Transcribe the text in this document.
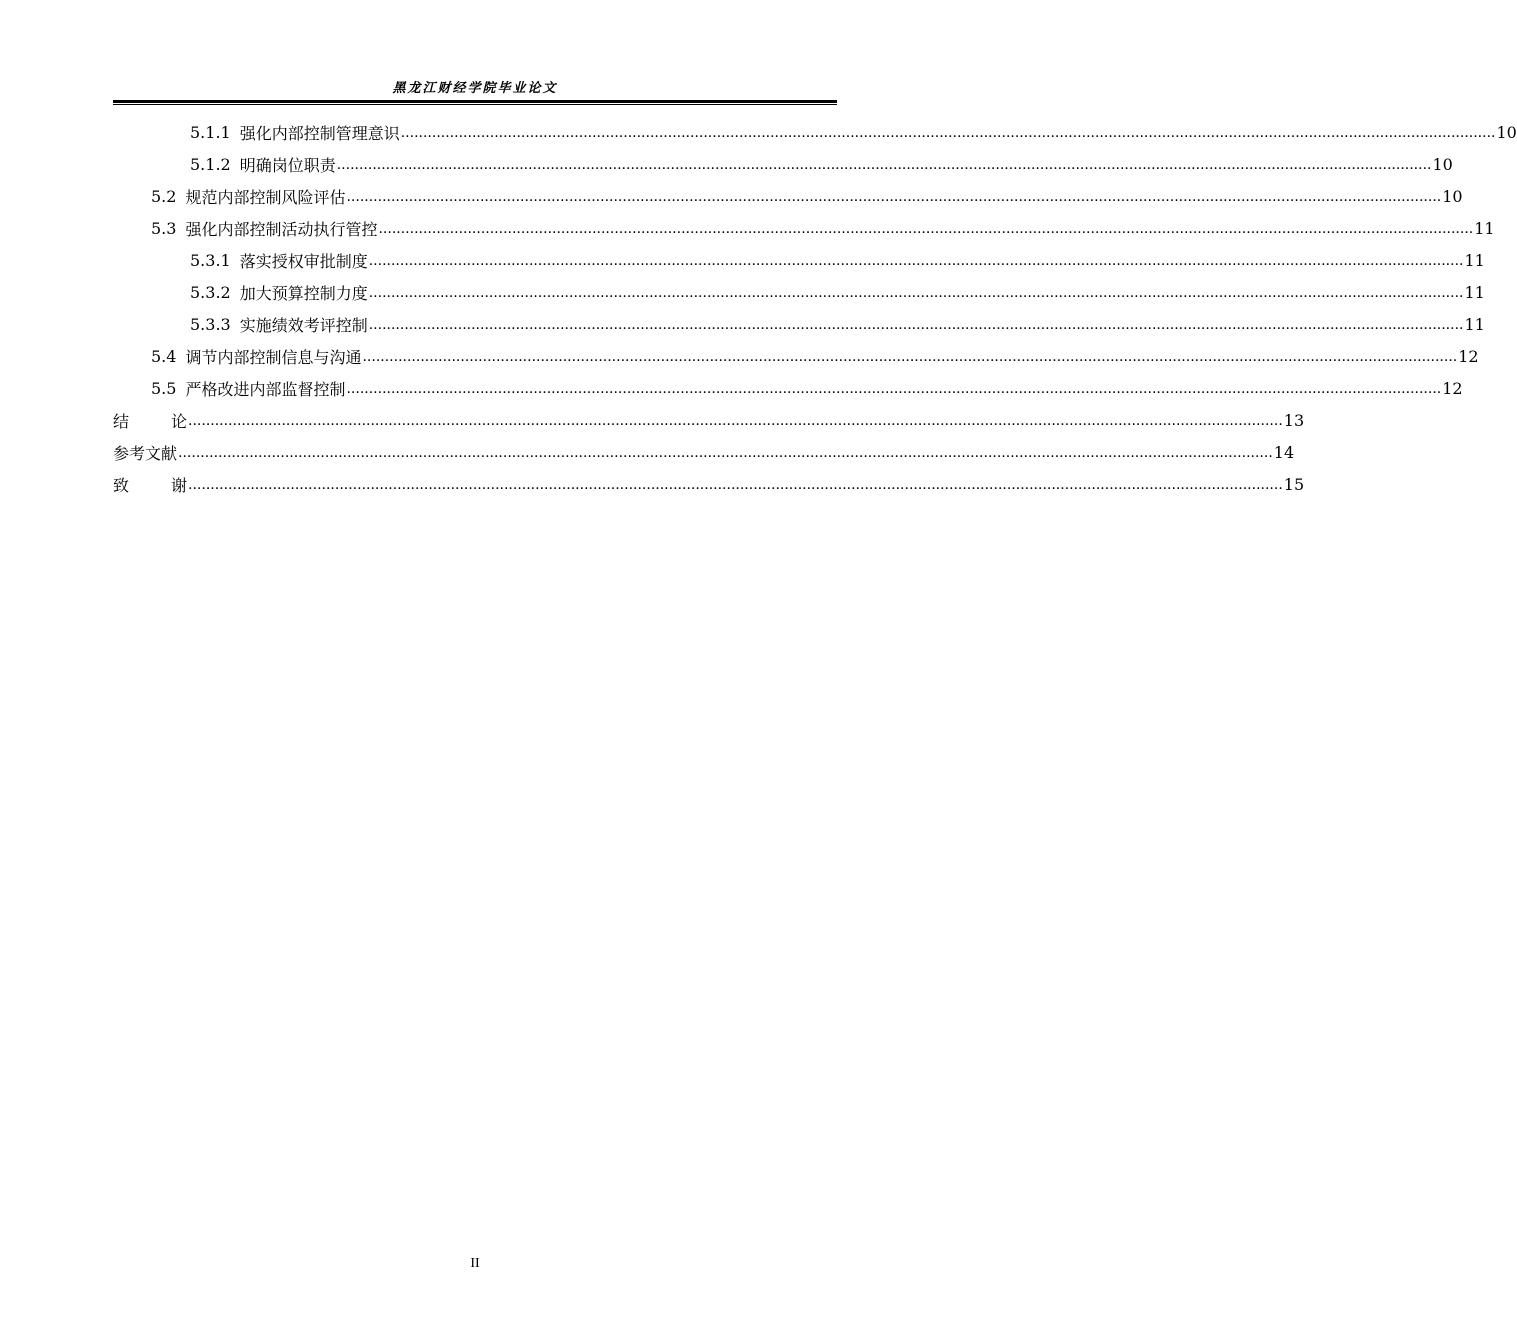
黑龙江财经学院毕业论文
5.1.1 强化内部控制管理意识 ...................................................................................................................................................................................................................................................... 10
5.1.2 明确岗位职责 ...................................................................................................................................................................................................................................................... 10
5.2 规范内部控制风险评估 ...................................................................................................................................................................................................................................................... 10
5.3 强化内部控制活动执行管控 ...................................................................................................................................................................................................................................................... 11
5.3.1 落实授权审批制度 ...................................................................................................................................................................................................................................................... 11
5.3.2 加大预算控制力度 ...................................................................................................................................................................................................................................................... 11
5.3.3 实施绩效考评控制 ...................................................................................................................................................................................................................................................... 11
5.4 调节内部控制信息与沟通 ...................................................................................................................................................................................................................................................... 12
5.5 严格改进内部监督控制 ...................................................................................................................................................................................................................................................... 12
结论
...................................................................................................................................................................................................................................................... 13
参考文献 ...................................................................................................................................................................................................................................................... 14
致谢
...................................................................................................................................................................................................................................................... 15
II
